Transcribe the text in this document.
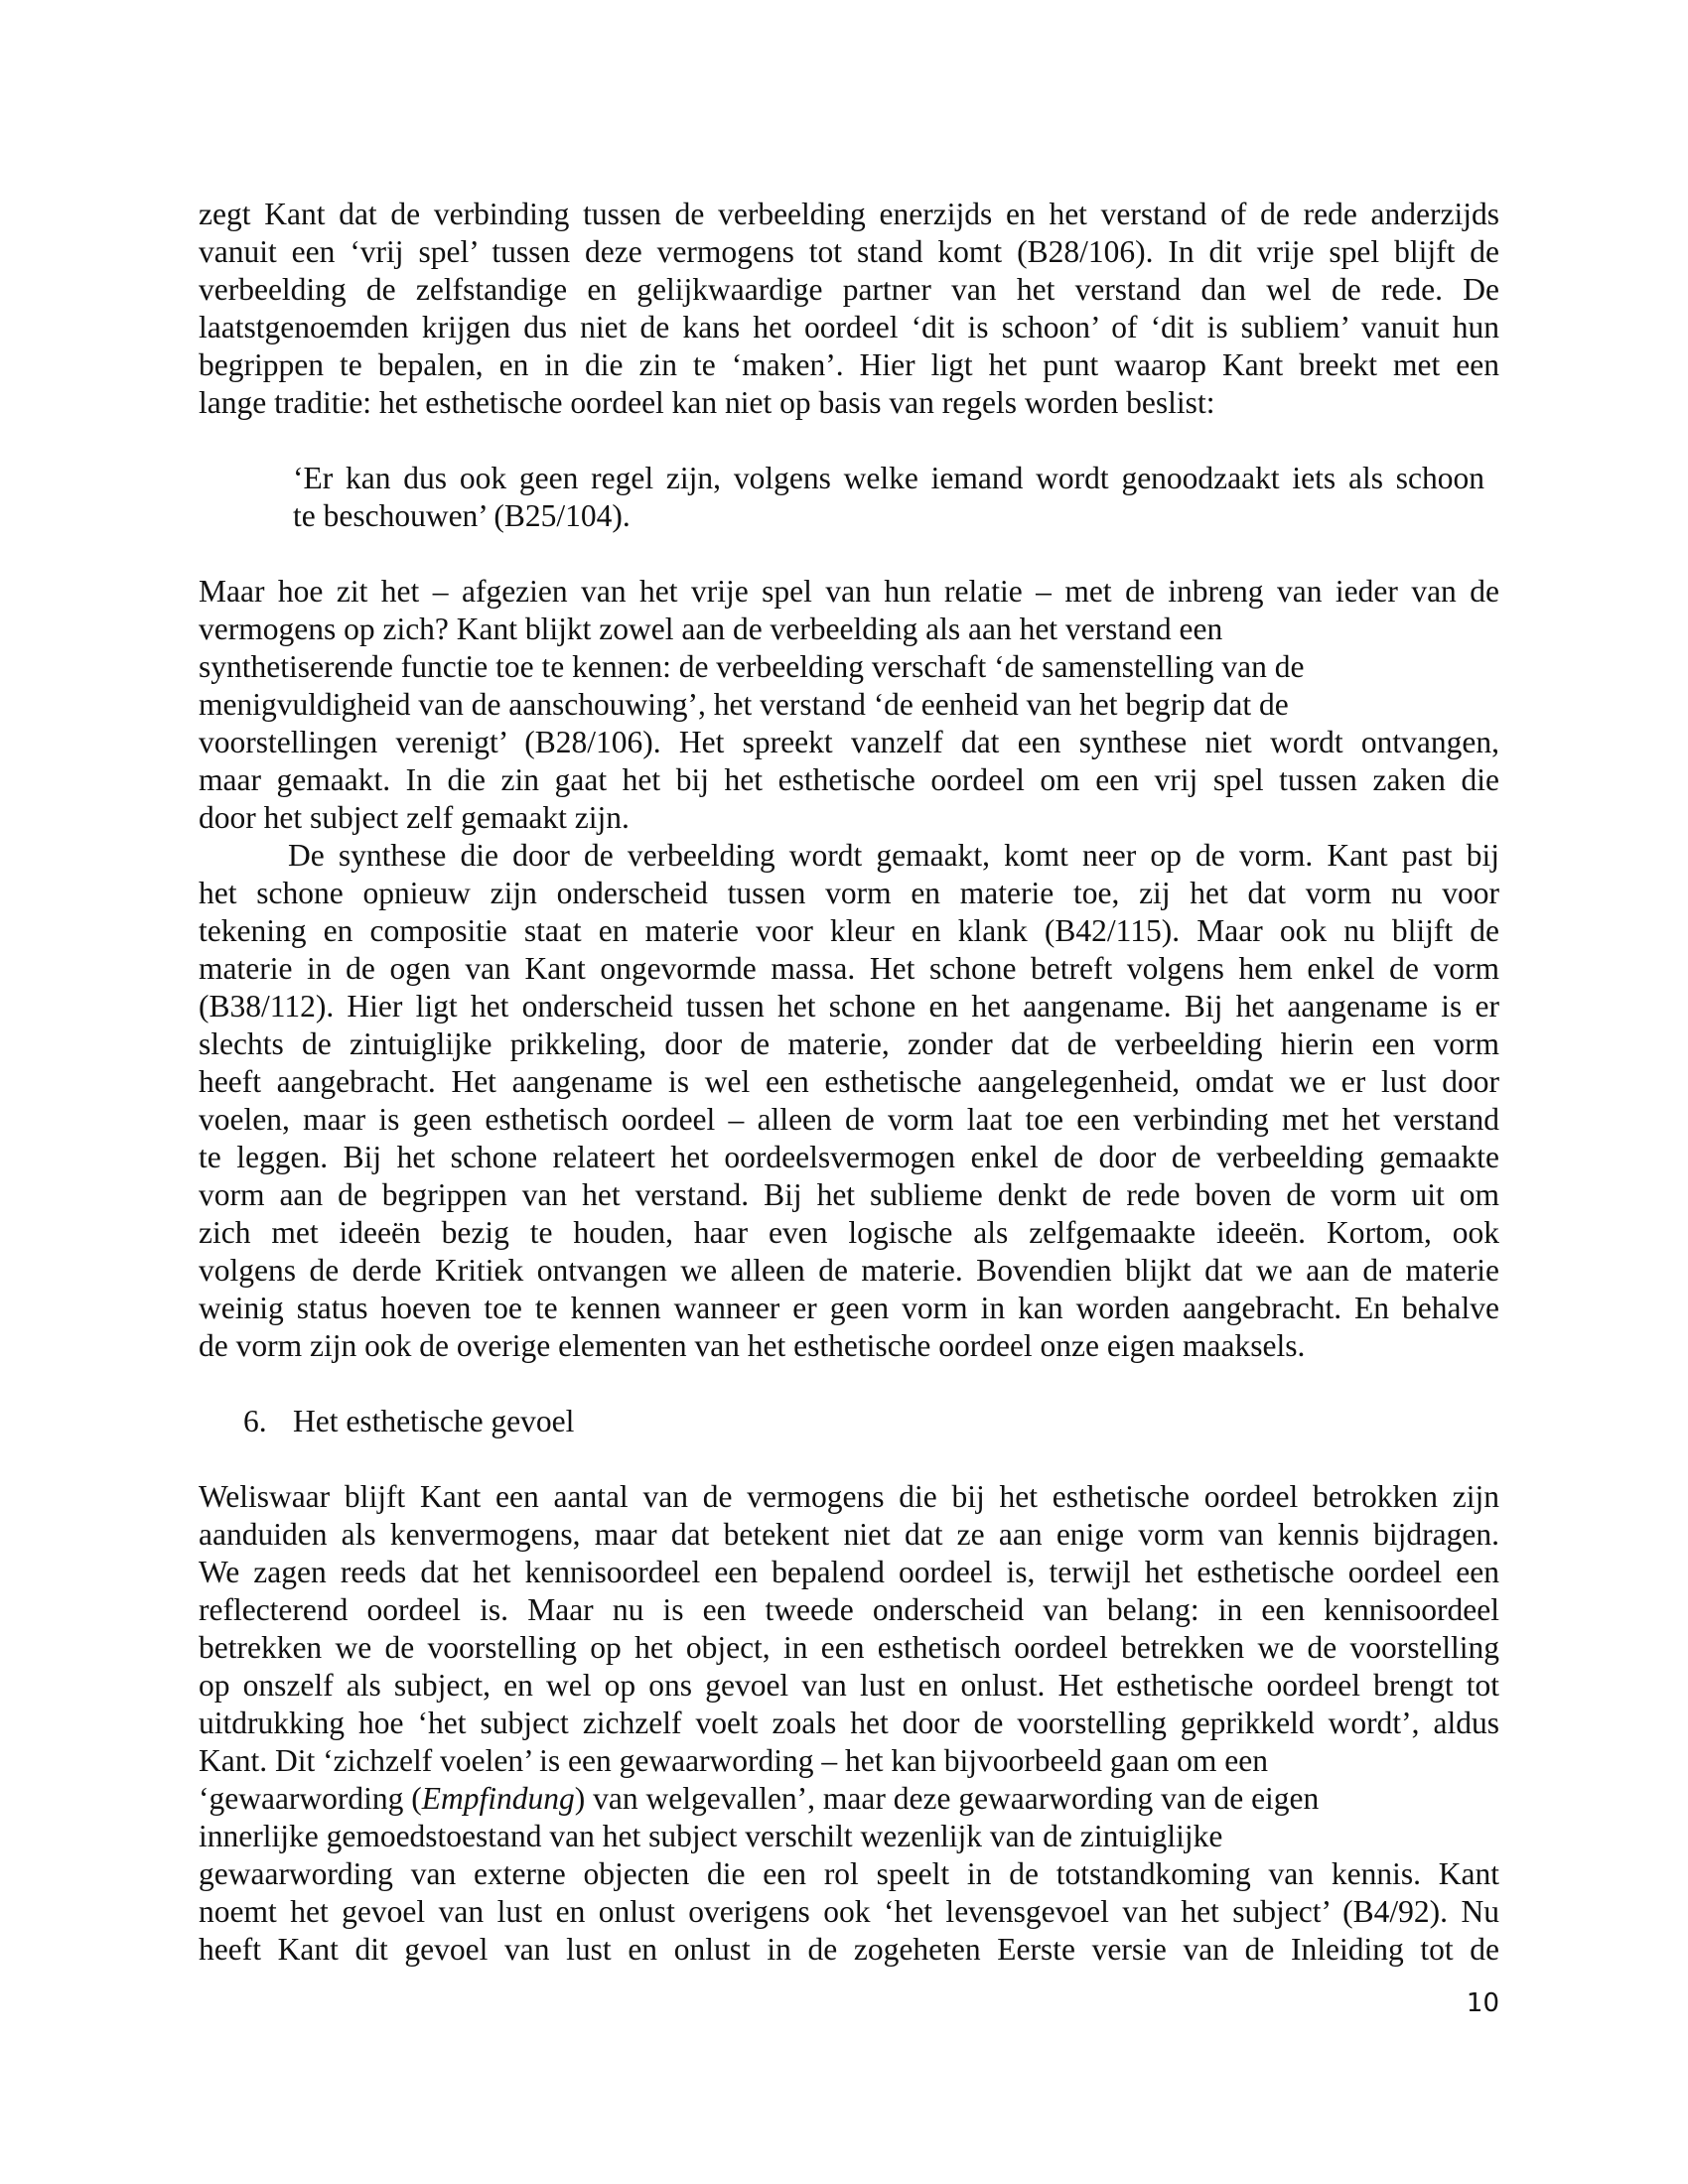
zegt Kant dat de verbinding tussen de verbeelding enerzijds en het verstand of de rede anderzijds
vanuit een ‘vrij spel’ tussen deze vermogens tot stand komt (B28/106). In dit vrije spel blijft de
verbeelding de zelfstandige en gelijkwaardige partner van het verstand dan wel de rede. De
laatstgenoemden krijgen dus niet de kans het oordeel ‘dit is schoon’ of ‘dit is subliem’ vanuit hun
begrippen te bepalen, en in die zin te ‘maken’. Hier ligt het punt waarop Kant breekt met een
lange traditie: het esthetische oordeel kan niet op basis van regels worden beslist:
‘Er kan dus ook geen regel zijn, volgens welke iemand wordt genoodzaakt iets als schoon
te beschouwen’ (B25/104).
Maar hoe zit het – afgezien van het vrije spel van hun relatie – met de inbreng van ieder van de
vermogens op zich? Kant blijkt zowel aan de verbeelding als aan het verstand een
synthetiserende functie toe te kennen: de verbeelding verschaft ‘de samenstelling van de
menigvuldigheid van de aanschouwing’, het verstand ‘de eenheid van het begrip dat de
voorstellingen verenigt’ (B28/106). Het spreekt vanzelf dat een synthese niet wordt ontvangen,
maar gemaakt. In die zin gaat het bij het esthetische oordeel om een vrij spel tussen zaken die
door het subject zelf gemaakt zijn.
De synthese die door de verbeelding wordt gemaakt, komt neer op de vorm. Kant past bij
het schone opnieuw zijn onderscheid tussen vorm en materie toe, zij het dat vorm nu voor
tekening en compositie staat en materie voor kleur en klank (B42/115). Maar ook nu blijft de
materie in de ogen van Kant ongevormde massa. Het schone betreft volgens hem enkel de vorm
(B38/112). Hier ligt het onderscheid tussen het schone en het aangename. Bij het aangename is er
slechts de zintuiglijke prikkeling, door de materie, zonder dat de verbeelding hierin een vorm
heeft aangebracht. Het aangename is wel een esthetische aangelegenheid, omdat we er lust door
voelen, maar is geen esthetisch oordeel – alleen de vorm laat toe een verbinding met het verstand
te leggen. Bij het schone relateert het oordeelsvermogen enkel de door de verbeelding gemaakte
vorm aan de begrippen van het verstand. Bij het sublieme denkt de rede boven de vorm uit om
zich met ideeën bezig te houden, haar even logische als zelfgemaakte ideeën. Kortom, ook
volgens de derde Kritiek ontvangen we alleen de materie. Bovendien blijkt dat we aan de materie
weinig status hoeven toe te kennen wanneer er geen vorm in kan worden aangebracht. En behalve
de vorm zijn ook de overige elementen van het esthetische oordeel onze eigen maaksels.
6. Het esthetische gevoel
Weliswaar blijft Kant een aantal van de vermogens die bij het esthetische oordeel betrokken zijn
aanduiden als kenvermogens, maar dat betekent niet dat ze aan enige vorm van kennis bijdragen.
We zagen reeds dat het kennisoordeel een bepalend oordeel is, terwijl het esthetische oordeel een
reflecterend oordeel is. Maar nu is een tweede onderscheid van belang: in een kennisoordeel
betrekken we de voorstelling op het object, in een esthetisch oordeel betrekken we de voorstelling
op onszelf als subject, en wel op ons gevoel van lust en onlust. Het esthetische oordeel brengt tot
uitdrukking hoe ‘het subject zichzelf voelt zoals het door de voorstelling geprikkeld wordt’, aldus
Kant. Dit ‘zichzelf voelen’ is een gewaarwording – het kan bijvoorbeeld gaan om een
‘gewaarwording (Empfindung) van welgevallen’, maar deze gewaarwording van de eigen
innerlijke gemoedstoestand van het subject verschilt wezenlijk van de zintuiglijke
gewaarwording van externe objecten die een rol speelt in de totstandkoming van kennis. Kant
noemt het gevoel van lust en onlust overigens ook ‘het levensgevoel van het subject’ (B4/92). Nu
heeft Kant dit gevoel van lust en onlust in de zogeheten Eerste versie van de Inleiding tot de
10
